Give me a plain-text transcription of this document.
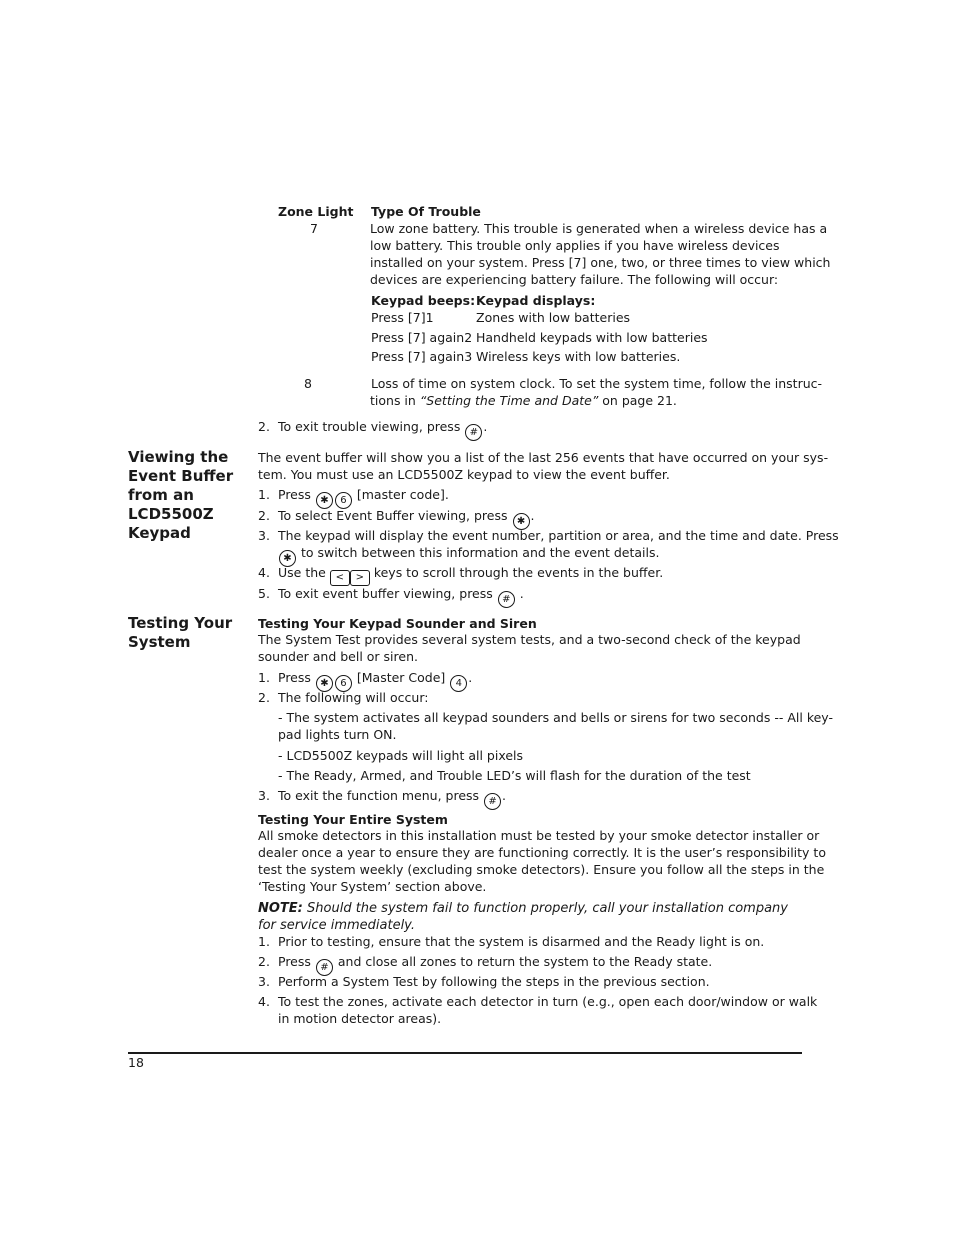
Zone Light Type Of Trouble
7	Low zone battery. This trouble is generated when a wireless device has a
low battery. This trouble only applies if you have wireless devices
installed on your system. Press [7] one, two, or three times to view which
devices are experiencing battery failure. The following will occur:
Keypad beeps: Keypad displays:
Press [7]1	Zones with low batteries
Press [7] again2 Handheld keypads with low batteries
Press [7] again3 Wireless keys with low batteries.
8	Loss of time on system clock. To set the system time, follow the instruc-
tions in “Setting the Time and Date” on page 21.
2. To exit trouble viewing, press # .
Viewing the
Event Buffer
from an
LCD5500Z
Keypad
The event buffer will show you a list of the last 256 events that have occurred on your sys-
tem. You must use an LCD5500Z keypad to view the event buffer.
1. Press ✱ 6 [master code].
2. To select Event Buffer viewing, press ✱ .
3. The keypad will display the event number, partition or area, and the time and date. Press
✱ to switch between this information and the event details.
4. Use the < > keys to scroll through the events in the buffer.
5. To exit event buffer viewing, press # .
Testing Your
System
Testing Your Keypad Sounder and Siren
The System Test provides several system tests, and a two-second check of the keypad
sounder and bell or siren.
1. Press ✱ 6 [Master Code] 4 .
2. The following will occur:
- The system activates all keypad sounders and bells or sirens for two seconds -- All key-
pad lights turn ON.
- LCD5500Z keypads will light all pixels
- The Ready, Armed, and Trouble LED’s will flash for the duration of the test
3. To exit the function menu, press # .
Testing Your Entire System
All smoke detectors in this installation must be tested by your smoke detector installer or
dealer once a year to ensure they are functioning correctly. It is the user’s responsibility to
test the system weekly (excluding smoke detectors). Ensure you follow all the steps in the
‘Testing Your System’ section above.
NOTE: Should the system fail to function properly, call your installation company
for service immediately.
1. Prior to testing, ensure that the system is disarmed and the Ready light is on.
2. Press # and close all zones to return the system to the Ready state.
3. Perform a System Test by following the steps in the previous section.
4. To test the zones, activate each detector in turn (e.g., open each door/window or walk
in motion detector areas).
18
